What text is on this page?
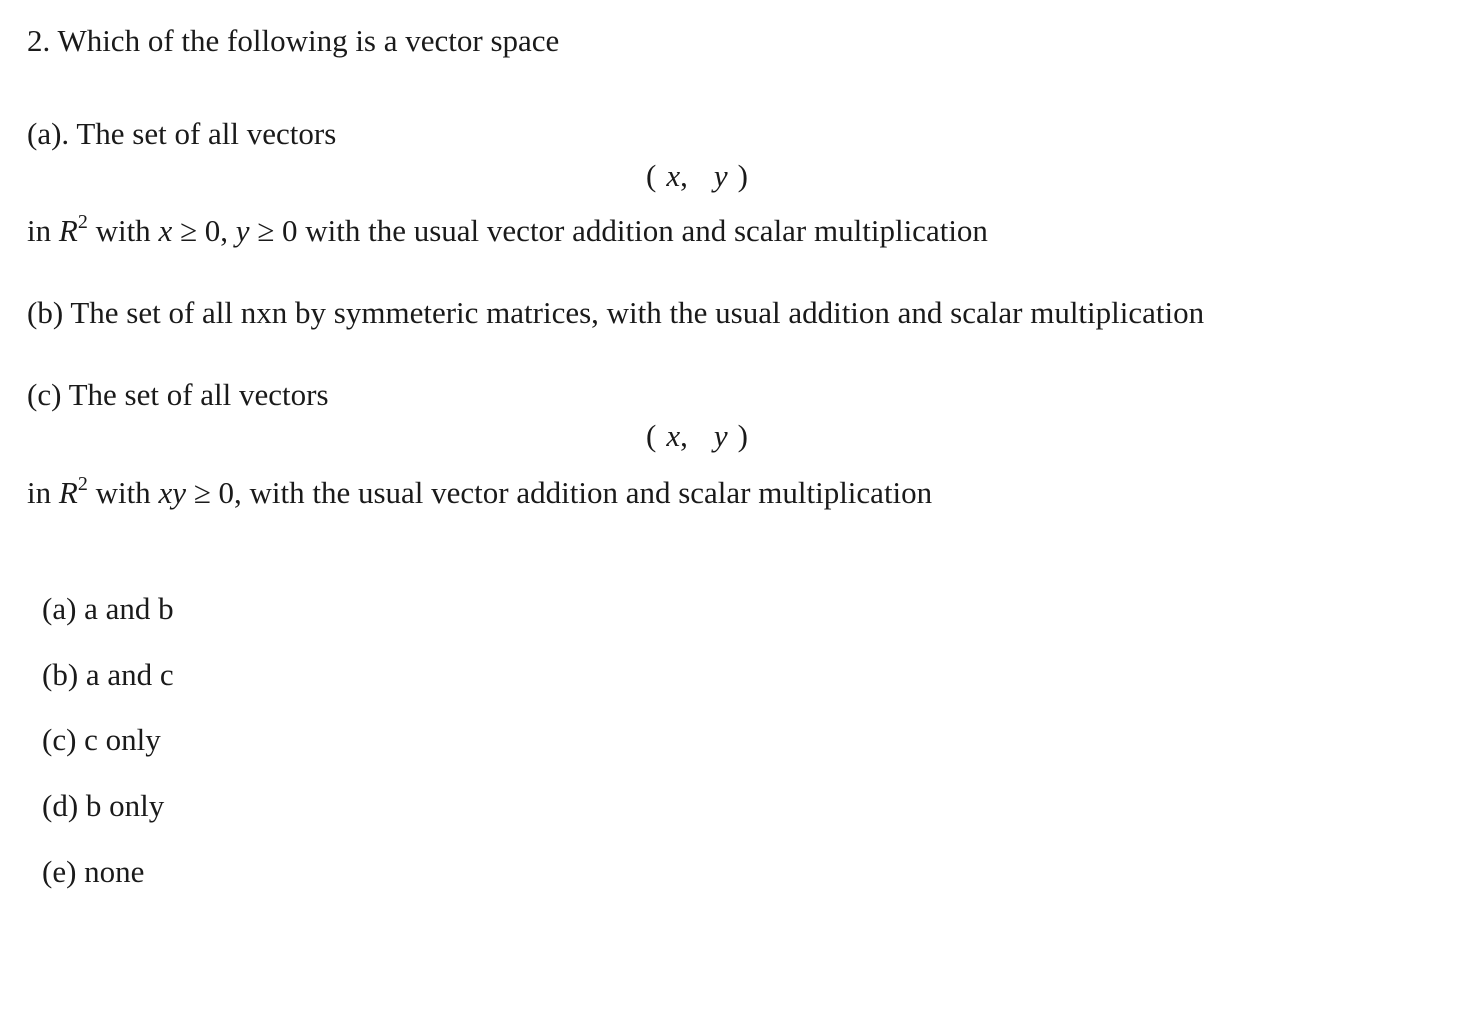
2. Which of the following is a vector space
(a). The set of all vectors
( x, y )
in $R^2$ with x ≥ 0, y ≥ 0 with the usual vector addition and scalar multiplication
(b) The set of all nxn by symmeteric matrices, with the usual addition and scalar multiplication
(c) The set of all vectors
( x, y )
in $R^2$ with xy ≥ 0, with the usual vector addition and scalar multiplication
(a) a and b
(b) a and c
(c) c only
(d) b only
(e) none
